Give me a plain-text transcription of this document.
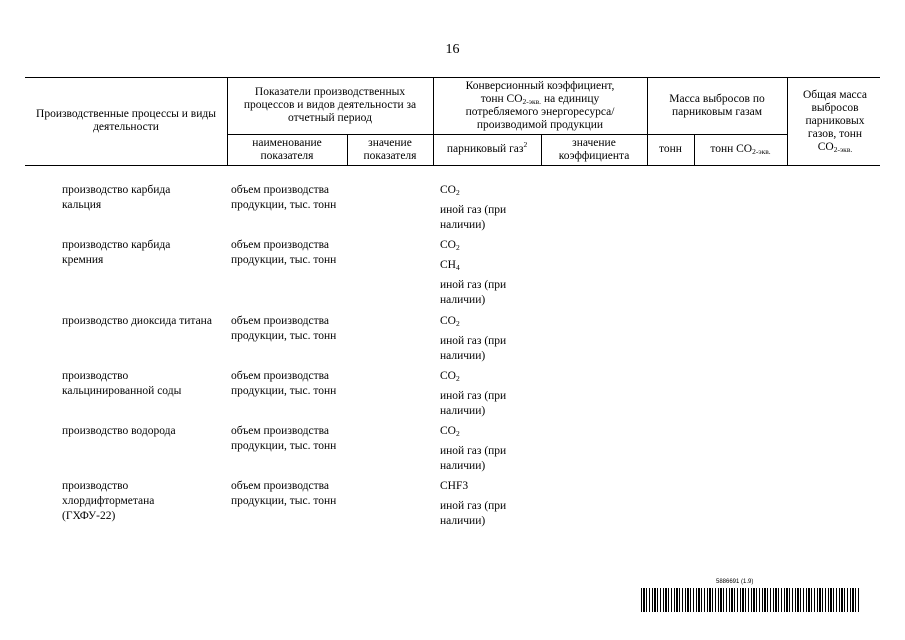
16
Производственные процессы и виды деятельности
Показатели производственных процессов и видов деятельности за отчетный период
наименование показателя
значение показателя
Конверсионный коэффициент,
тонн $CO_{2-экв.}$ на единицу
потребляемого энергоресурса/
производимой продукции
парниковый газ$^2$	значение коэффициента
Масса выбросов по парниковым газам
тонн тонн $CO_{2-экв.}$
Общая масса выбросов парниковых газов, тонн
$CO_{2-экв.}$
производство карбида кальция
объем производства продукции, тыс. тонн
$CO_2$
иной газ (при наличии)
производство карбида кремния
объем производства продукции, тыс. тонн
$CO_2$
$CH_4$
иной газ (при наличии)
производство диоксида титана объем производства продукции, тыс. тонн
$CO_2$
иной газ (при наличии)
производство кальцинированной соды
объем производства продукции, тыс. тонн
$CO_2$
иной газ (при наличии)
производство водорода	объем производства продукции, тыс. тонн
$CO_2$
иной газ (при наличии)
производство хлордифторметана (ГХФУ-22)
объем производства продукции, тыс. тонн
CHF3
иной газ (при наличии)
5886691 (1.9)
